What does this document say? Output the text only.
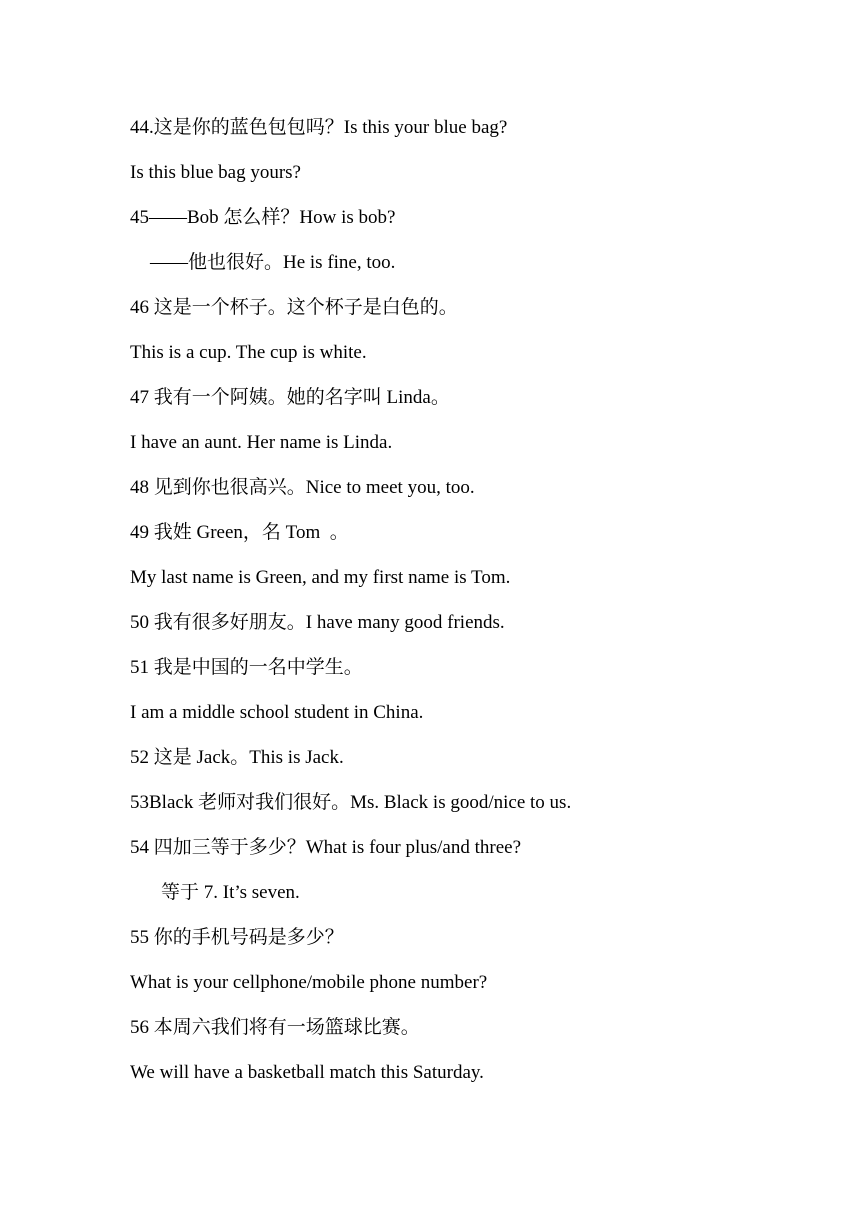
44.这是你的蓝色包包吗？Is this your blue bag?
Is this blue bag yours?
45——Bob 怎么样？How is bob?
——他也很好。He is fine, too.
46 这是一个杯子。这个杯子是白色的。
This is a cup. The cup is white.
47 我有一个阿姨。她的名字叫 Linda。
I have an aunt. Her name is Linda.
48 见到你也很高兴。Nice to meet you, too.
49 我姓 Green，名 Tom  。
My last name is Green, and my first name is Tom.
50 我有很多好朋友。I have many good friends.
51 我是中国的一名中学生。
I am a middle school student in China.
52 这是 Jack。This is Jack.
53Black 老师对我们很好。Ms. Black is good/nice to us.
54 四加三等于多少？What is four plus/and three?
等于 7. It’s seven.
55 你的手机号码是多少？
What is your cellphone/mobile phone number?
56 本周六我们将有一场篮球比赛。
We will have a basketball match this Saturday.
